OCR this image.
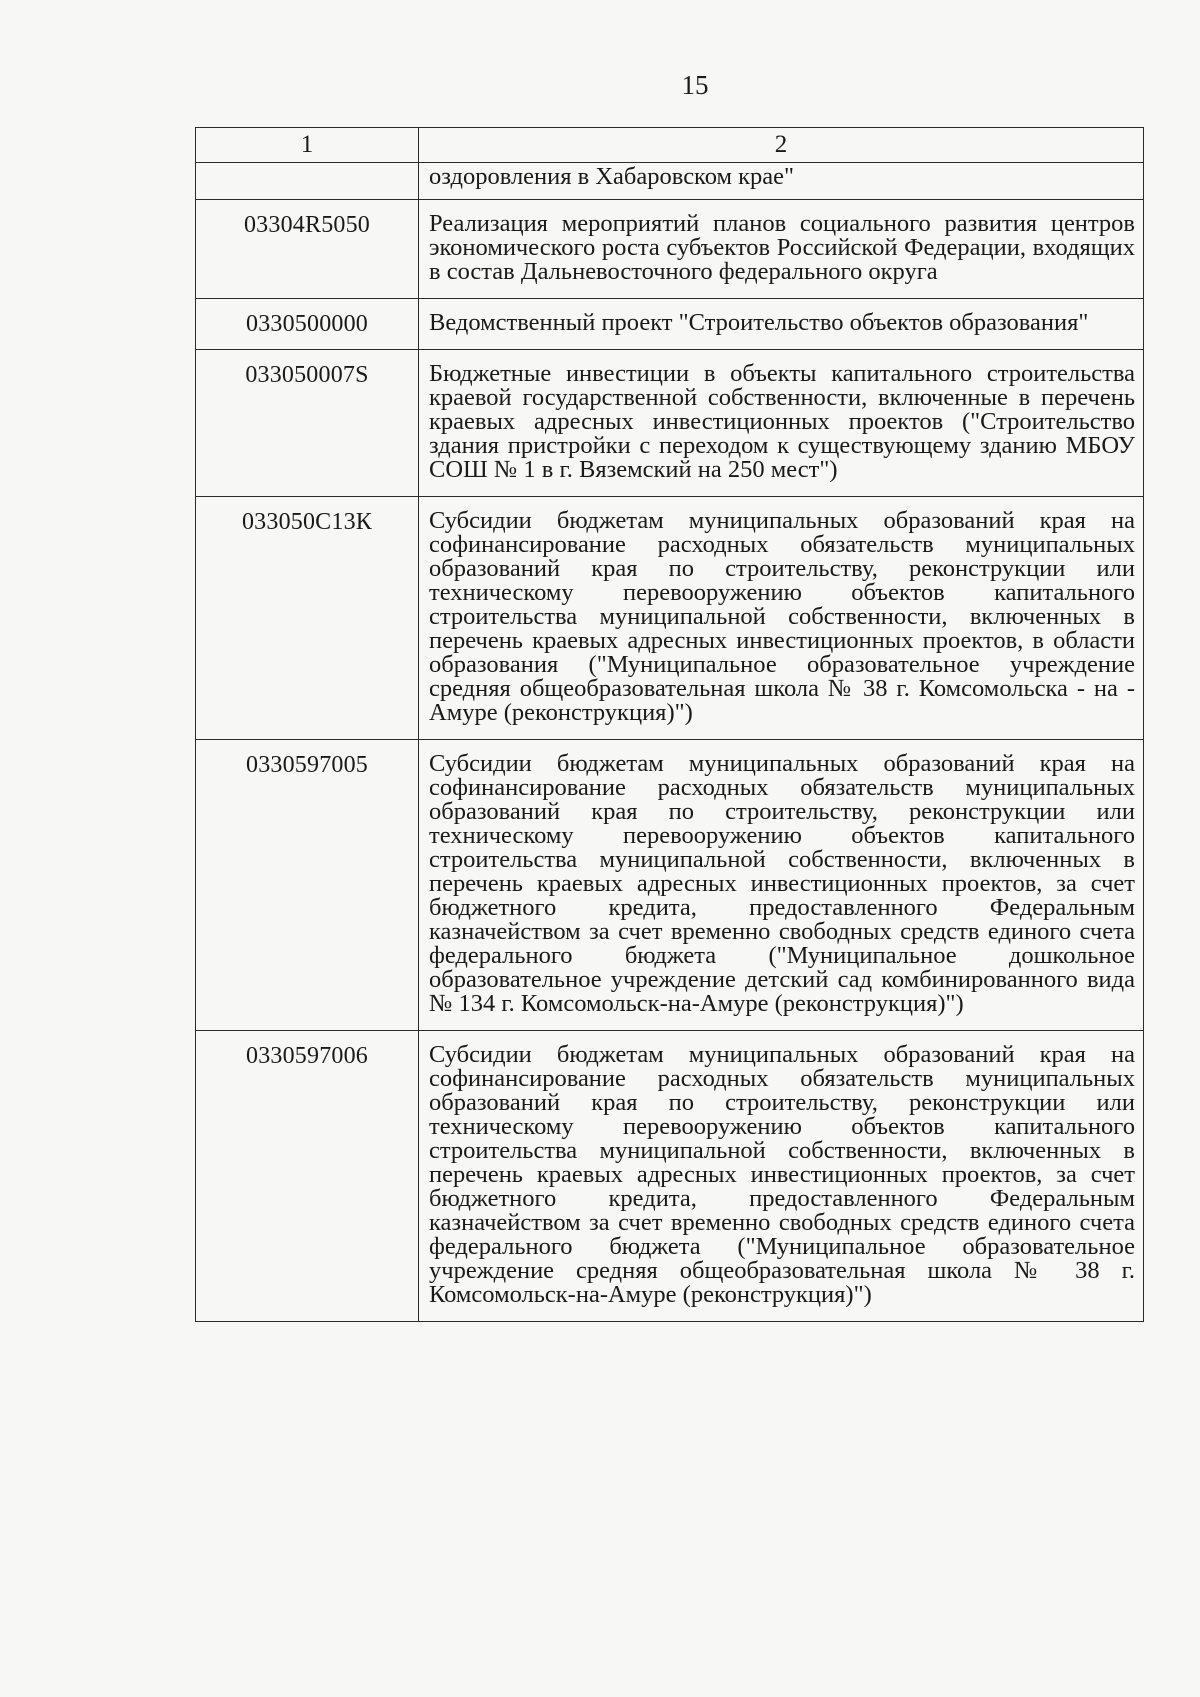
15
1	2
	оздоровления в Хабаровском крае"
03304R5050	Реализация мероприятий планов социального развития центров экономического роста субъектов Российской Федерации, входящих в состав Дальневосточного федерального округа
0330500000	Ведомственный проект "Строительство объектов образования"
033050007S	Бюджетные инвестиции в объекты капитального строительства краевой государственной собственности, включенные в перечень краевых адресных инвестиционных проектов ("Строительство здания пристройки с переходом к существующему зданию МБОУ СОШ № 1 в г. Вяземский на 250 мест")
033050С13К	Субсидии бюджетам муниципальных образований края на софинансирование расходных обязательств муниципальных образований края по строительству, реконструкции или техническому перевооружению объектов капитального строительства муниципальной собственности, включенных в перечень краевых адресных инвестиционных проектов, в области образования ("Муниципальное образовательное учреждение средняя общеобразовательная школа № 38 г. Комсомольска - на - Амуре (реконструкция)")
0330597005	Субсидии бюджетам муниципальных образований края на софинансирование расходных обязательств муниципальных образований края по строительству, реконструкции или техническому перевооружению объектов капитального строительства муниципальной собственности, включенных в перечень краевых адресных инвестиционных проектов, за счет бюджетного кредита, предоставленного Федеральным казначейством за счет временно свободных средств единого счета федерального бюджета ("Муниципальное дошкольное образовательное учреждение детский сад комбинированного вида № 134 г. Комсомольск-на-Амуре (реконструкция)")
0330597006	Субсидии бюджетам муниципальных образований края на софинансирование расходных обязательств муниципальных образований края по строительству, реконструкции или техническому перевооружению объектов капитального строительства муниципальной собственности, включенных в перечень краевых адресных инвестиционных проектов, за счет бюджетного кредита, предоставленного Федеральным казначейством за счет временно свободных средств единого счета федерального бюджета ("Муниципальное образовательное учреждение средняя общеобразовательная школа № 38 г. Комсомольск-на-Амуре (реконструкция)")
